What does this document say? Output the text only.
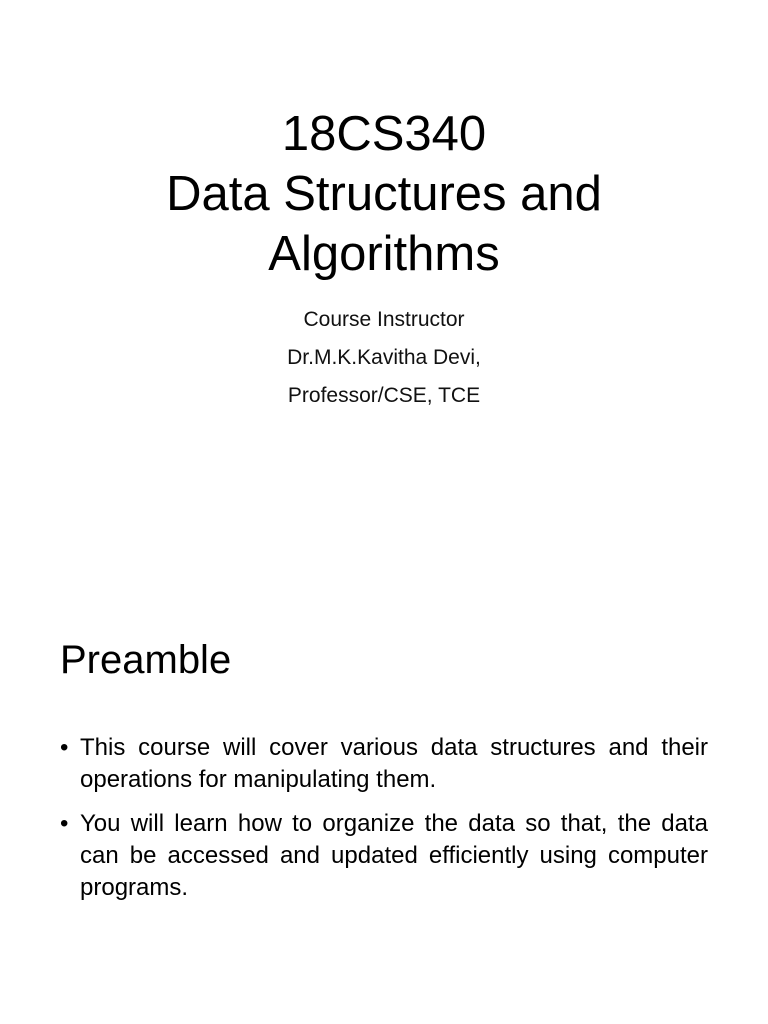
18CS340
Data Structures and
Algorithms
Course Instructor
Dr.M.K.Kavitha Devi,
Professor/CSE, TCE
Preamble
• This course will cover various data structures and their operations for manipulating them.
• You will learn how to organize the data so that, the data can be accessed and updated efficiently using computer programs.
